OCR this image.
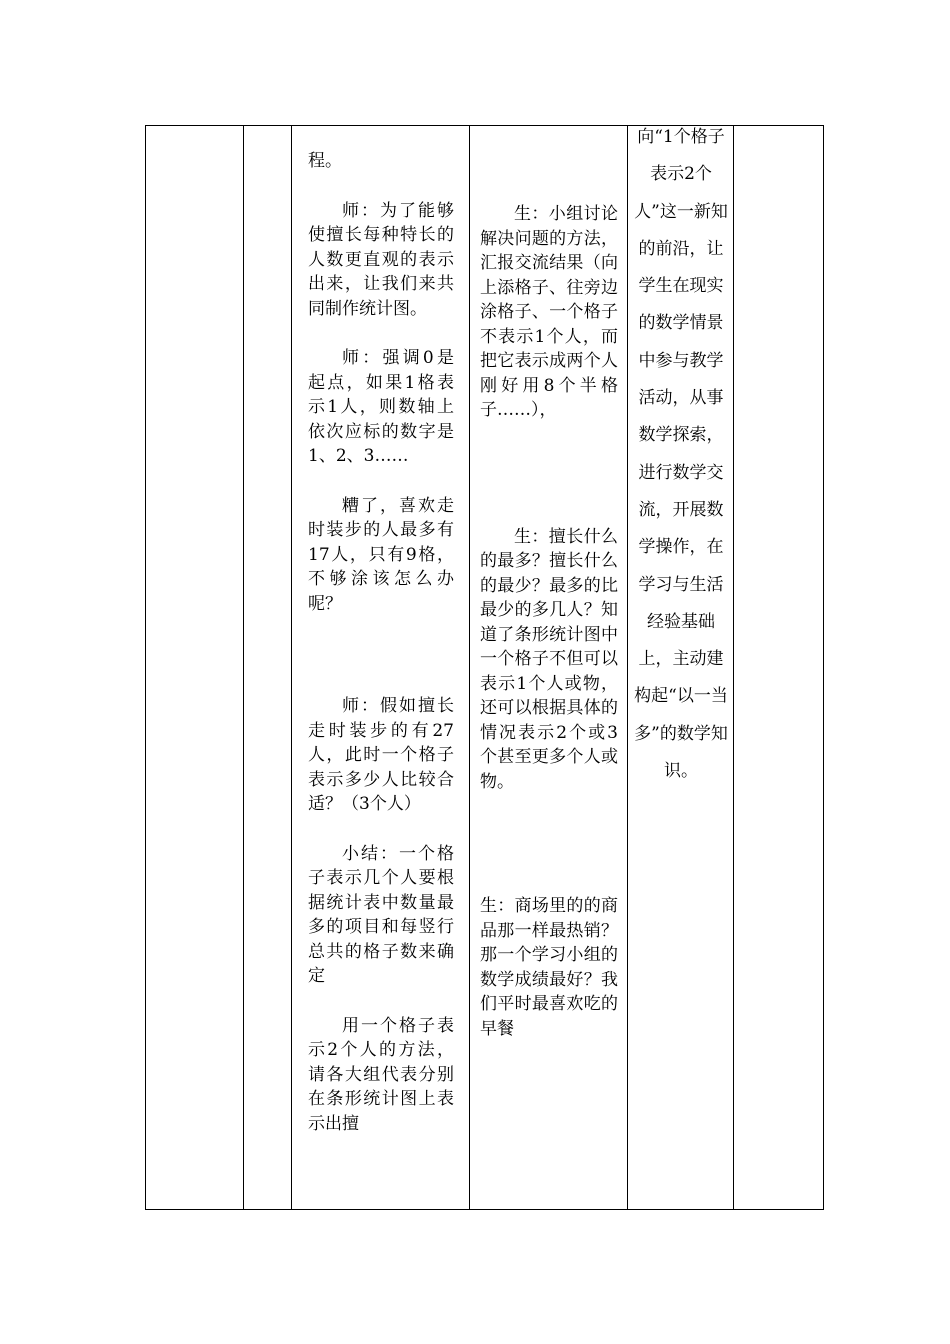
程。

师：为了能够使擅长每种特长的人数更直观的表示出来，让我们来共同制作统计图。

师：强调0是起点，如果1格表示1人，则数轴上依次应标的数字是1、2、3……

糟了，喜欢走时装步的人最多有17人，只有9格，不够涂该怎么办呢？

师：假如擅长走时装步的有27人，此时一个格子表示多少人比较合适？（3个人）

小结：一个格子表示几个人要根据统计表中数量最多的项目和每竖行总共的格子数来确定

用一个格子表示2个人的方法，请各大组代表分别在条形统计图上表示出擅

生：小组讨论解决问题的方法，汇报交流结果（向上添格子、往旁边涂格子、一个格子不表示1个人，而把它表示成两个人刚好用8个半格子……），

生：擅长什么的最多？擅长什么的最少？最多的比最少的多几人？知道了条形统计图中一个格子不但可以表示1个人或物，还可以根据具体的情况表示2个或3个甚至更多个人或物。

生：商场里的的商品那一样最热销？那一个学习小组的数学成绩最好？我们平时最喜欢吃的早餐

向“1个格子表示2个人”这一新知的前沿，让学生在现实的数学情景中参与教学活动，从事数学探索，进行数学交流，开展数学操作，在学习与生活经验基础上，主动建构起“以一当多”的数学知识。
